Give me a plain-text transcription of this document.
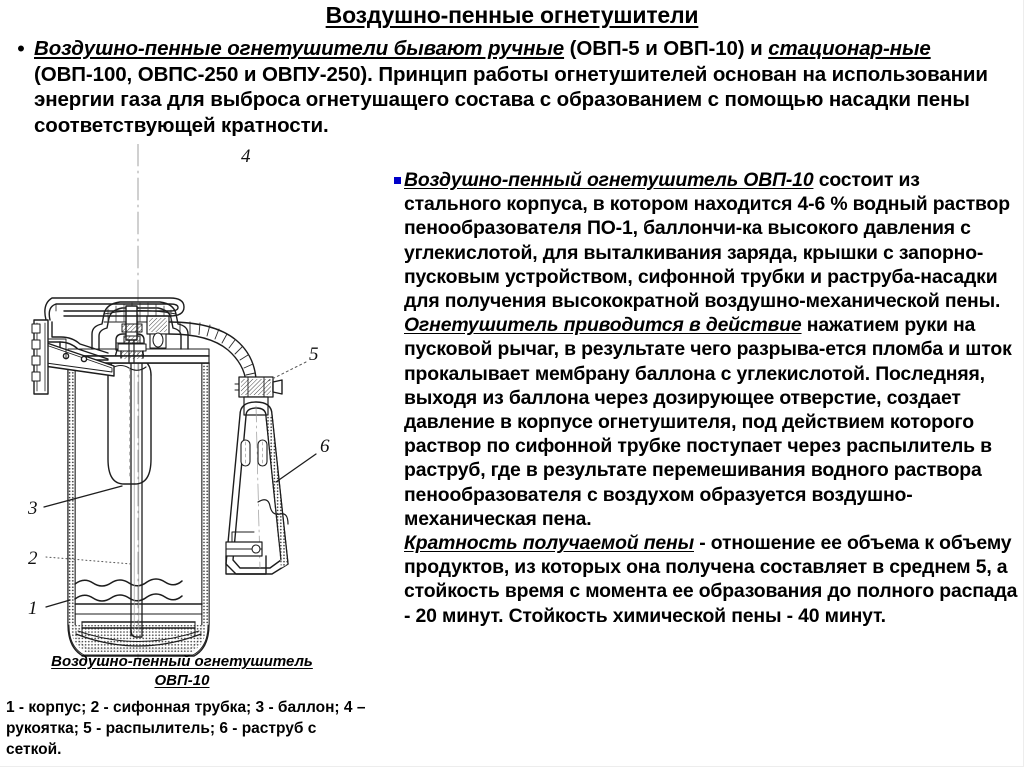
Воздушно-пенные огнетушители
• Воздушно-пенные огнетушители бывают ручные (ОВП-5 и ОВП-10) и стационар-ные (ОВП-100, ОВПС-250 и ОВПУ-250). Принцип работы огнетушителей основан на использовании энергии газа для выброса огнетушащего состава с образованием с помощью насадки пены соответствующей кратности.
3
2
1
4
5
6
Воздушно-пенный огнетушитель
ОВП-10
1 - корпус; 2 - сифонная трубка; 3 - баллон; 4 – рукоятка; 5 - распылитель; 6 - раструб с сеткой.
Воздушно-пенный огнетушитель ОВП-10 состоит из стального корпуса, в котором находится 4-6 % водный раствор пенообразователя ПО-1, баллончи-ка высокого давления с углекислотой, для выталкивания заряда, крышки с запорно-пусковым устройством, сифонной трубки и раструба-насадки для получения высокократной воздушно-механической пены.

Огнетушитель приводится в действие нажатием руки на пусковой рычаг, в результате чего разрыва-ется пломба и шток прокалывает мембрану баллона с углекислотой. Последняя, выходя из баллона через дозирующее отверстие, создает давление в корпусе огнетушителя, под действием которого раствор по сифонной трубке поступает через распылитель в раструб, где в результате перемешивания водного раствора пенообразователя с воздухом образуется воздушно-механическая пена.

Кратность получаемой пены - отношение ее объема к объему продуктов, из которых она получена составляет в среднем 5, а стойкость время с момента ее образования до полного распада - 20 минут. Стойкость химической пены - 40 минут.
